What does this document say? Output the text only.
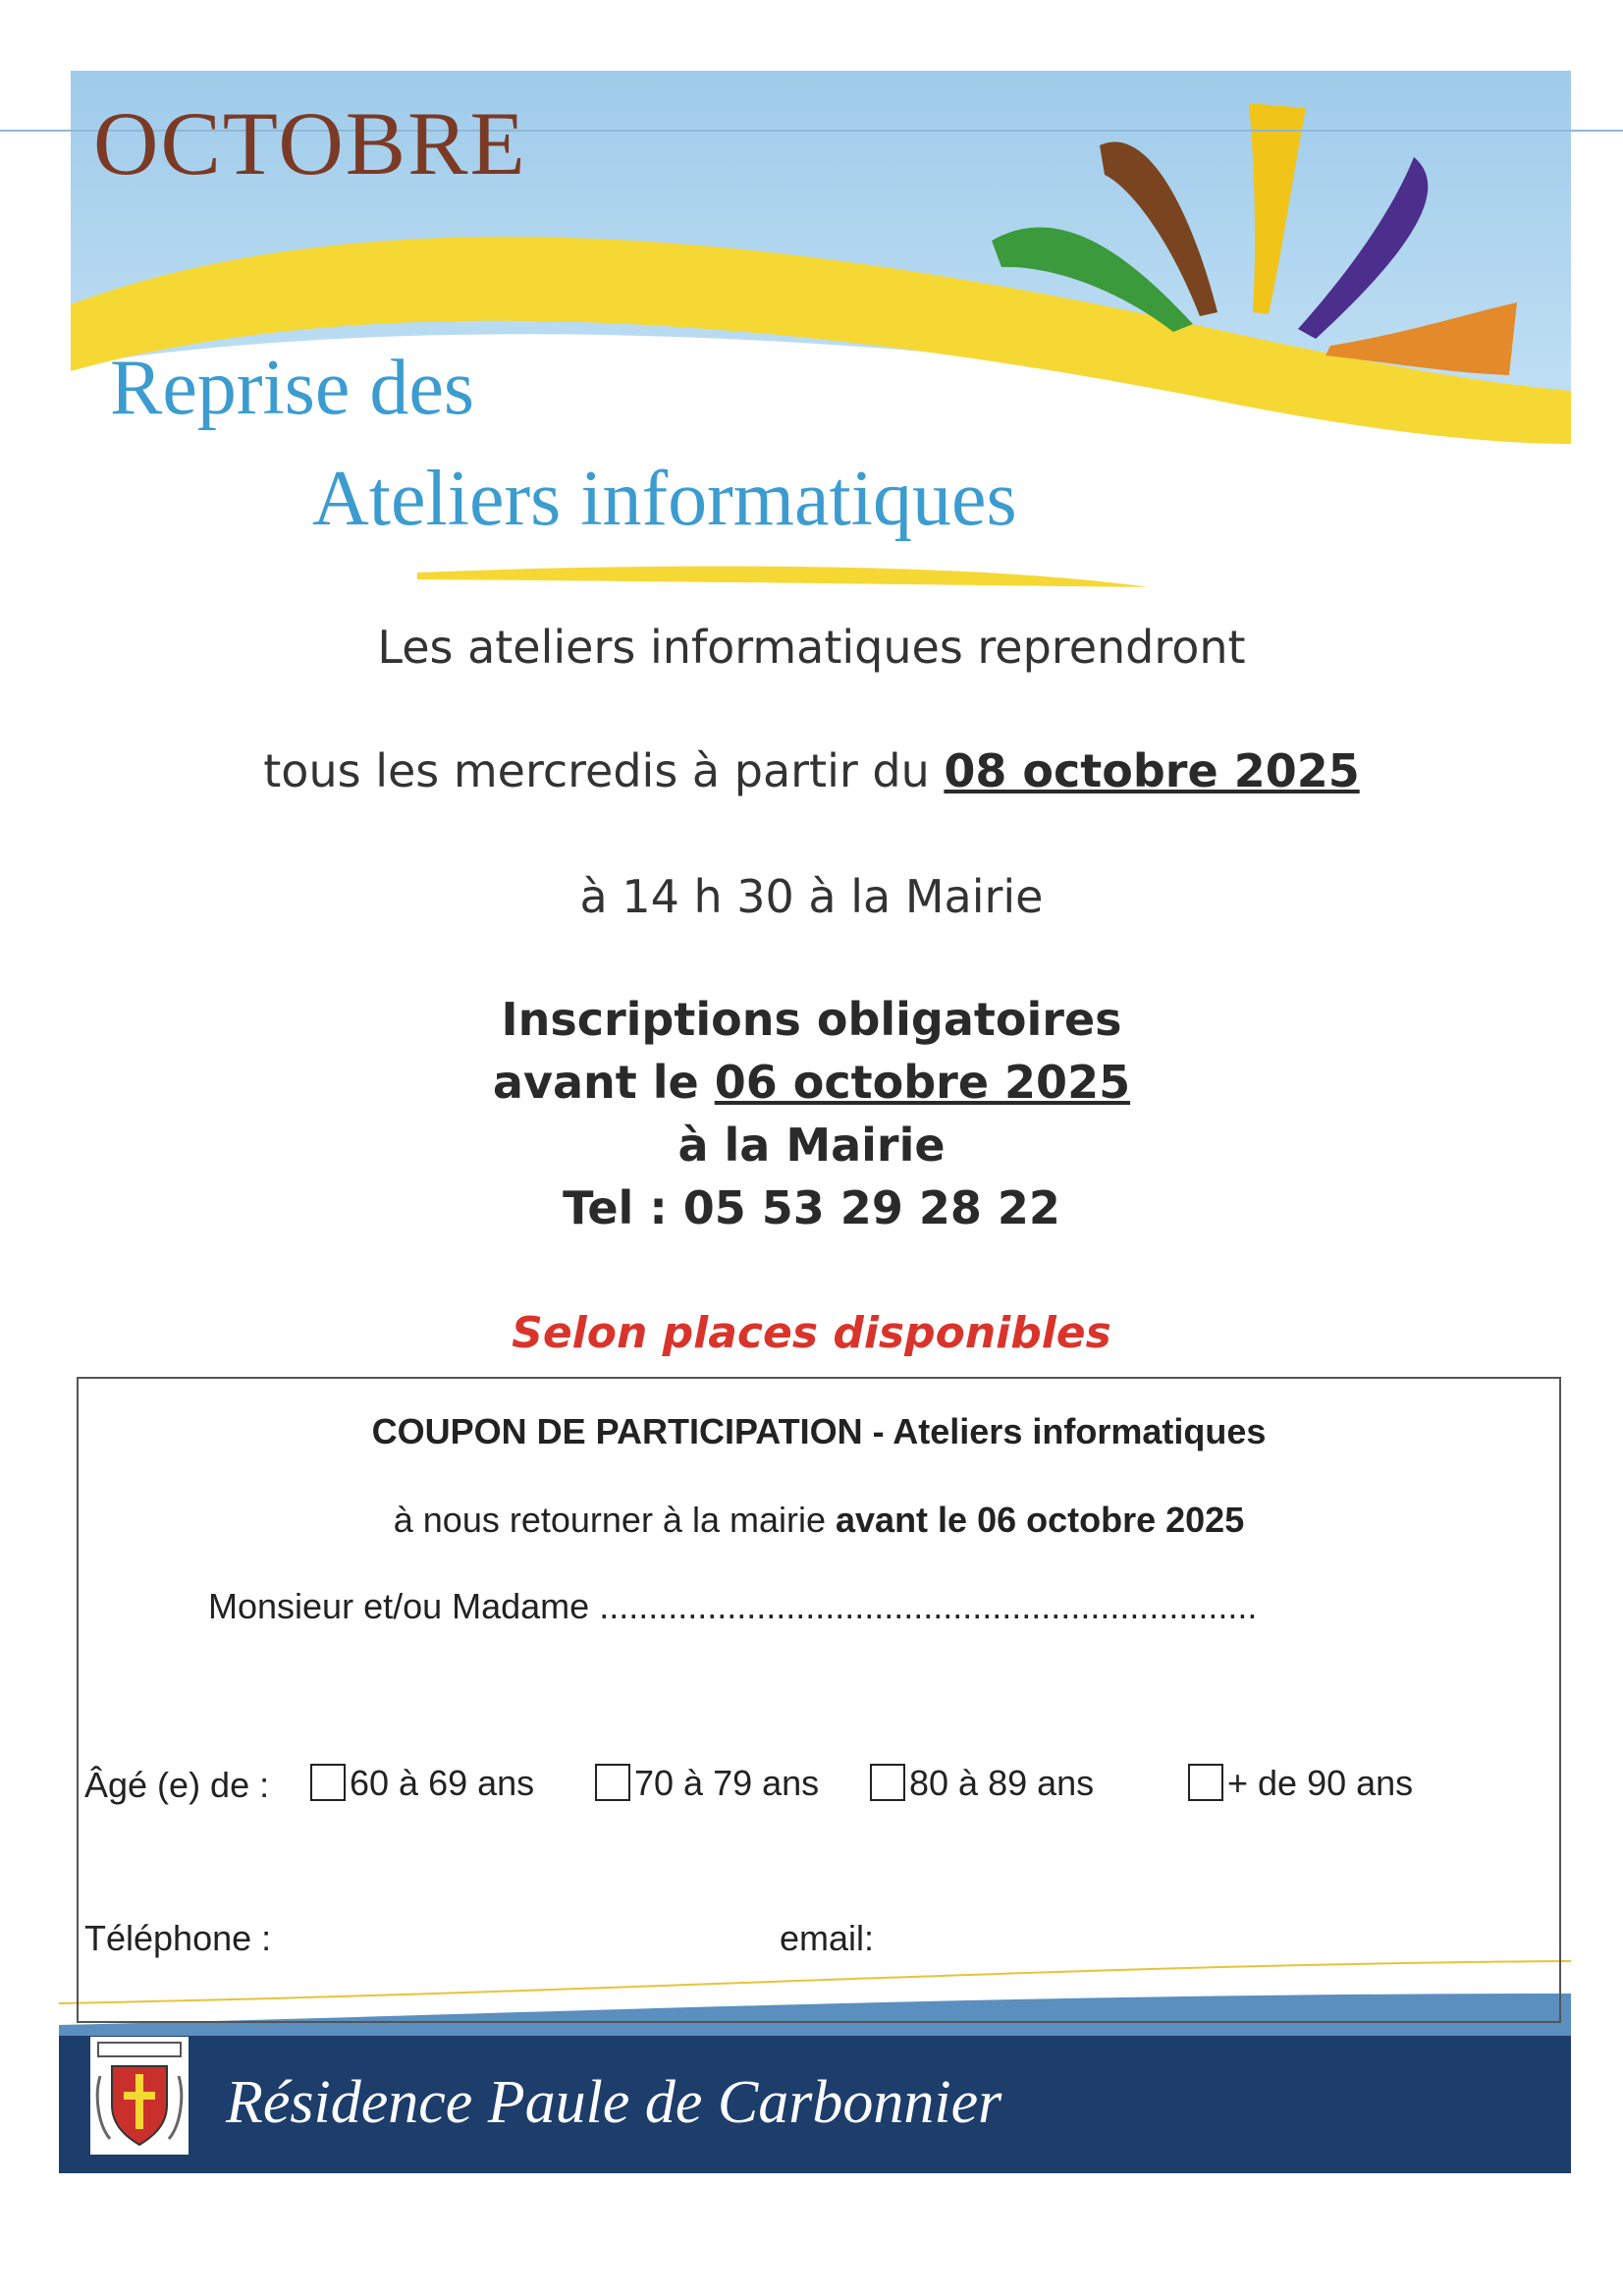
OCTOBRE
Reprise des
Ateliers informatiques
Les ateliers informatiques reprendront
tous les mercredis à partir du 08 octobre 2025
à 14 h 30 à la Mairie
Inscriptions obligatoires
avant le 06 octobre 2025
à la Mairie
Tel : 05 53 29 28 22
Selon places disponibles
COUPON DE PARTICIPATION - Ateliers informatiques
à nous retourner à la mairie avant le 06 octobre 2025
Monsieur et/ou Madame ...................................................................
Âgé (e) de :	60 à 69 ans	70 à 79 ans	80 à 89 ans	+ de 90 ans
Téléphone :	email:
Résidence Paule de Carbonnier
